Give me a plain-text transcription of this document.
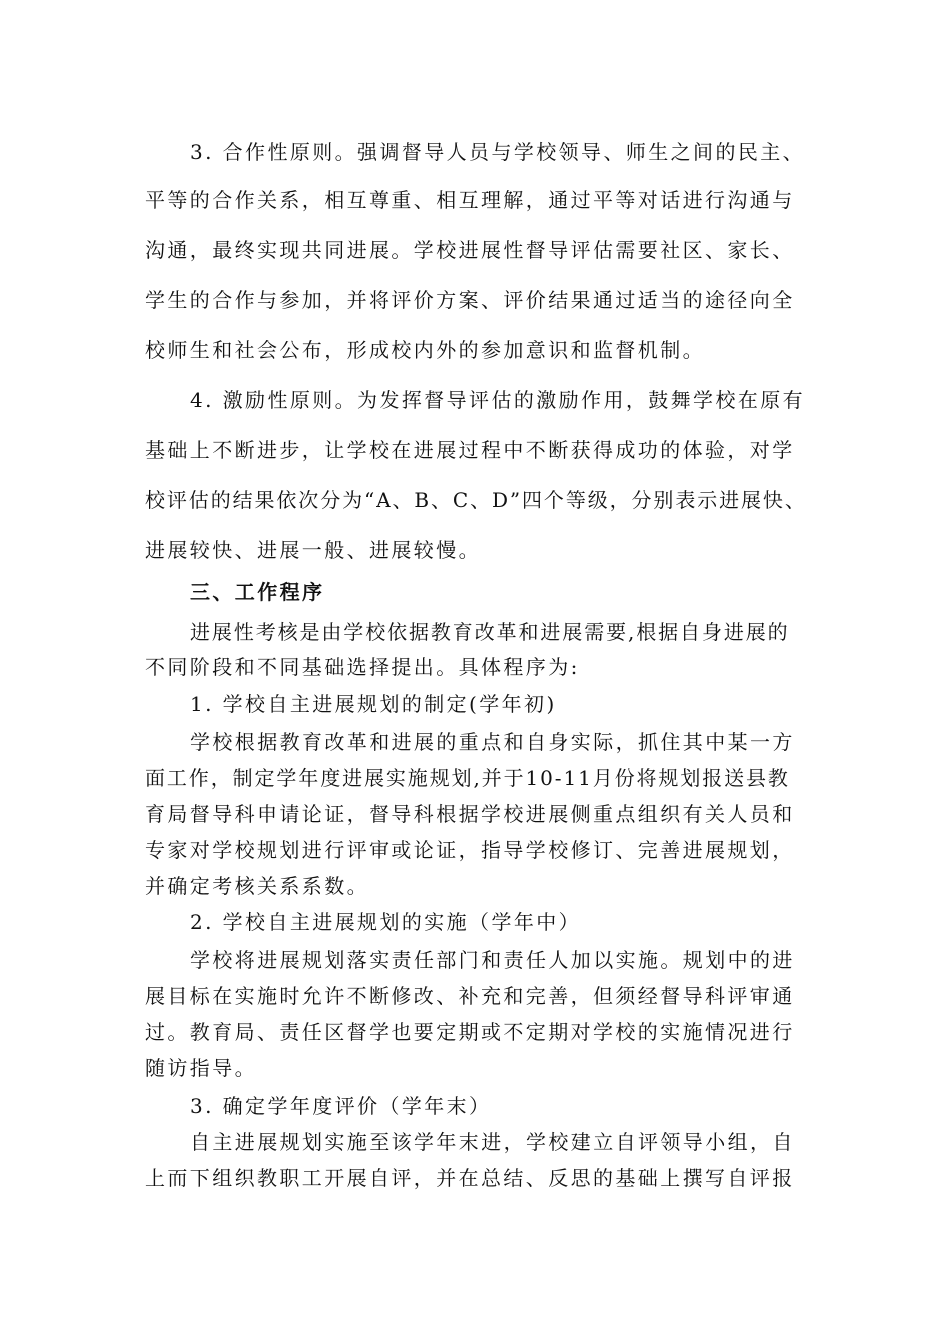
3. 合作性原则。强调督导人员与学校领导、师生之间的民主、
平等的合作关系，相互尊重、相互理解，通过平等对话进行沟通与
沟通，最终实现共同进展。学校进展性督导评估需要社区、家长、
学生的合作与参加，并将评价方案、评价结果通过适当的途径向全
校师生和社会公布，形成校内外的参加意识和监督机制。
4. 激励性原则。为发挥督导评估的激励作用，鼓舞学校在原有
基础上不断进步，让学校在进展过程中不断获得成功的体验，对学
校评估的结果依次分为“A、B、C、D”四个等级，分别表示进展快、
进展较快、进展一般、进展较慢。
三、工作程序
进展性考核是由学校依据教育改革和进展需要,根据自身进展的
不同阶段和不同基础选择提出。具体程序为:
1. 学校自主进展规划的制定(学年初)
学校根据教育改革和进展的重点和自身实际，抓住其中某一方
面工作，制定学年度进展实施规划,并于10-11月份将规划报送县教
育局督导科申请论证，督导科根据学校进展侧重点组织有关人员和
专家对学校规划进行评审或论证，指导学校修订、完善进展规划，
并确定考核关系系数。
2. 学校自主进展规划的实施（学年中）
学校将进展规划落实责任部门和责任人加以实施。规划中的进
展目标在实施时允许不断修改、补充和完善，但须经督导科评审通
过。教育局、责任区督学也要定期或不定期对学校的实施情况进行
随访指导。
3. 确定学年度评价（学年末）
自主进展规划实施至该学年末进，学校建立自评领导小组，自
上而下组织教职工开展自评，并在总结、反思的基础上撰写自评报
